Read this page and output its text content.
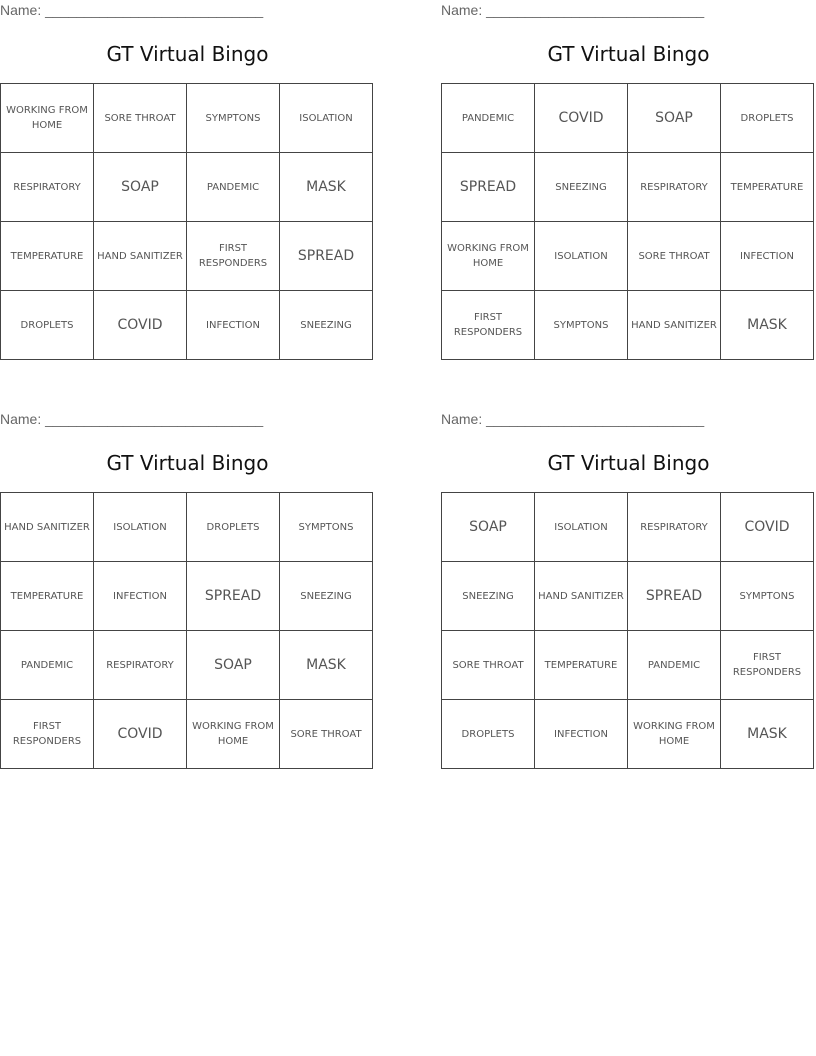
Name: ____________________________
GT Virtual Bingo
WORKING FROM HOME	SORE THROAT	SYMPTONS	ISOLATION
RESPIRATORY	SOAP	PANDEMIC	MASK
TEMPERATURE	HAND SANITIZER	FIRST RESPONDERS	SPREAD
DROPLETS	COVID	INFECTION	SNEEZING
Name: ____________________________
GT Virtual Bingo
PANDEMIC	COVID	SOAP	DROPLETS
SPREAD	SNEEZING	RESPIRATORY	TEMPERATURE
WORKING FROM HOME	ISOLATION	SORE THROAT	INFECTION
FIRST RESPONDERS	SYMPTONS	HAND SANITIZER	MASK
Name: ____________________________
GT Virtual Bingo
HAND SANITIZER	ISOLATION	DROPLETS	SYMPTONS
TEMPERATURE	INFECTION	SPREAD	SNEEZING
PANDEMIC	RESPIRATORY	SOAP	MASK
FIRST RESPONDERS	COVID	WORKING FROM HOME	SORE THROAT
Name: ____________________________
GT Virtual Bingo
SOAP	ISOLATION	RESPIRATORY	COVID
SNEEZING	HAND SANITIZER	SPREAD	SYMPTONS
SORE THROAT	TEMPERATURE	PANDEMIC	FIRST RESPONDERS
DROPLETS	INFECTION	WORKING FROM HOME	MASK
